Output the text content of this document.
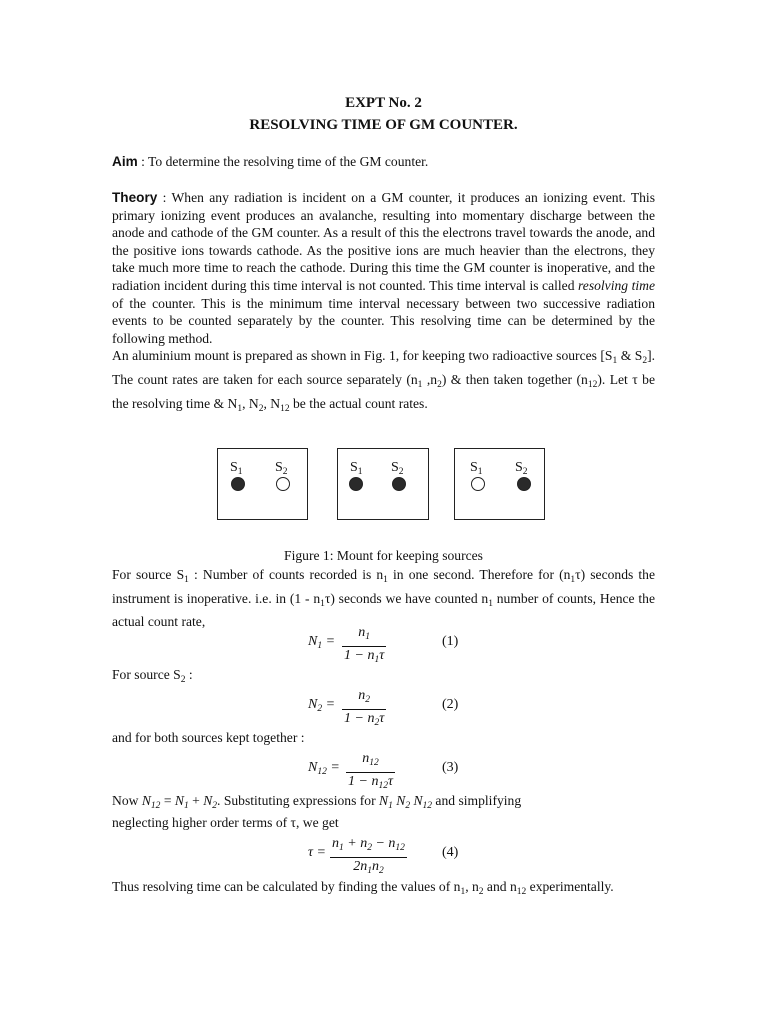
EXPT No. 2
RESOLVING TIME OF GM COUNTER.
Aim : To determine the resolving time of the GM counter.
Theory : When any radiation is incident on a GM counter, it produces an ionizing event. This primary ionizing event produces an avalanche, resulting into momentary discharge between the anode and cathode of the GM counter. As a result of this the electrons travel towards the anode, and the positive ions towards cathode. As the positive ions are much heavier than the electrons, they take much more time to reach the cathode. During this time the GM counter is inoperative, and the radiation incident during this time interval is not counted. This time interval is called resolving time of the counter. This is the minimum time interval necessary between two successive radiation events to be counted separately by the counter. This resolving time can be determined by the following method.
An aluminium mount is prepared as shown in Fig. 1, for keeping two radioactive sources [$S_1$ & $S_2$]. The count rates are taken for each source separately ($n_1$ $,n_2$) & then taken together $(n_{12})$. Let τ be the resolving time & $N_1$, $N_2$, $N_{12}$ be the actual count rates.
$S_1$ $S_2$	$S_1$ $S_2$	$S_1$ $S_2$
Figure 1: Mount for keeping sources
For source $S_1$ : Number of counts recorded is $n_1$ in one second. Therefore for $(n_1\tau)$ seconds the instrument is inoperative. i.e. in $(1 - n_1\tau)$ seconds we have counted $n_1$ number of counts, Hence the actual count rate,
$N_1 = \frac{n_1}{1 - n_1\tau}$	(1)
For source $S_2$ :
$N_2 = \frac{n_2}{1 - n_2\tau}$	(2)
and for both sources kept together :
$N_{12} = \frac{n_{12}}{1 - n_{12}\tau}$	(3)
Now $N_{12} = N_1 + N_2$. Substituting expressions for $N_1$ $N_2$ $N_{12}$ and simplifying
neglecting higher order terms of τ, we get
$\tau = \frac{n_1 + n_2 - n_{12}}{2n_1n_2}$	(4)
Thus resolving time can be calculated by finding the values of $n_1$, $n_2$ and $n_{12}$ experimentally.
